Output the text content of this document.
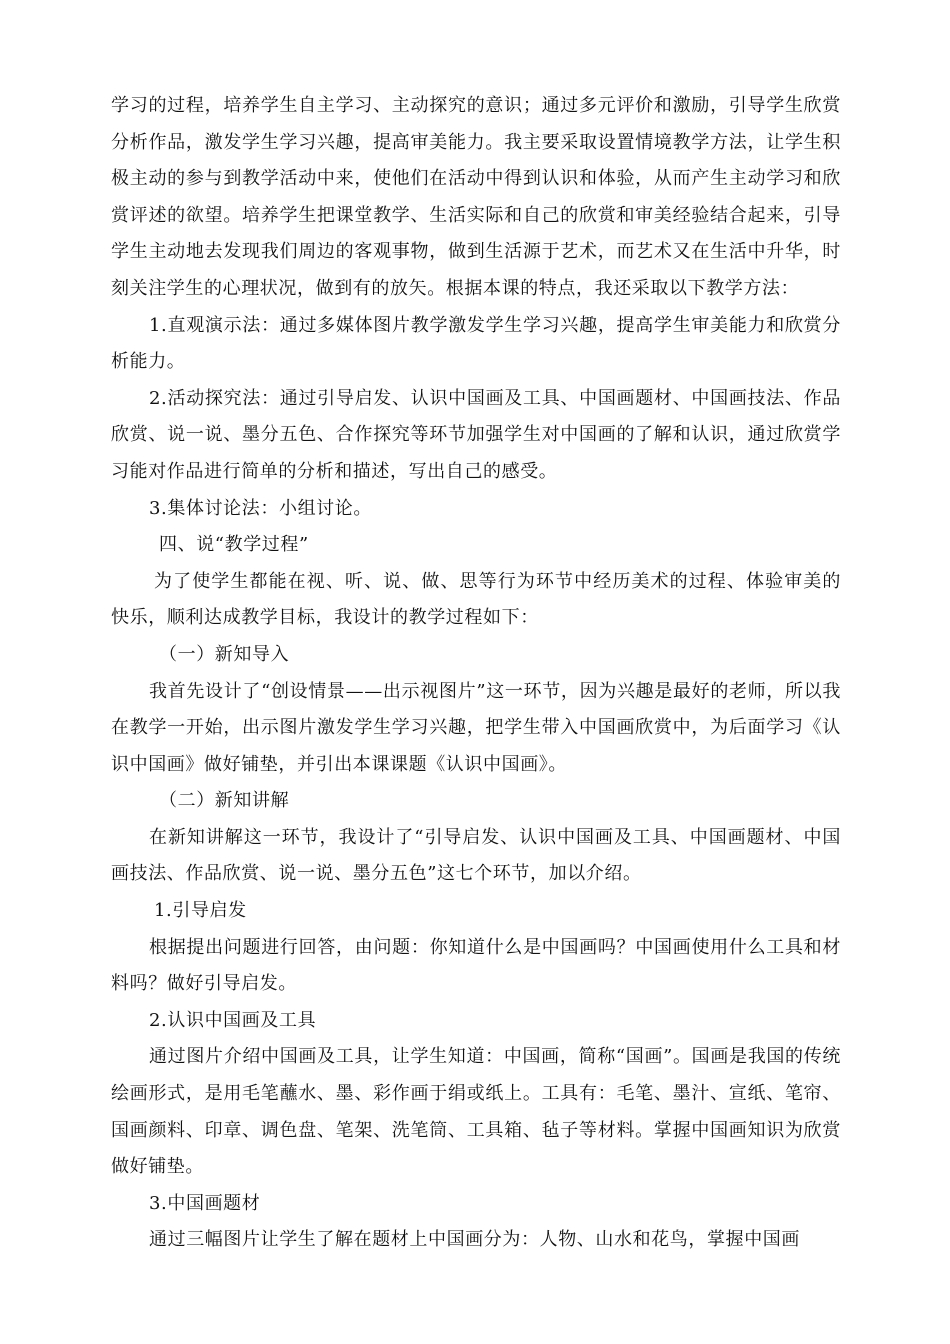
学习的过程，培养学生自主学习、主动探究的意识；通过多元评价和激励，引导学生欣赏分析作品，激发学生学习兴趣，提高审美能力。我主要采取设置情境教学方法，让学生积极主动的参与到教学活动中来，使他们在活动中得到认识和体验，从而产生主动学习和欣赏评述的欲望。培养学生把课堂教学、生活实际和自己的欣赏和审美经验结合起来，引导学生主动地去发现我们周边的客观事物，做到生活源于艺术，而艺术又在生活中升华，时刻关注学生的心理状况，做到有的放矢。根据本课的特点，我还采取以下教学方法：

1.直观演示法：通过多媒体图片教学激发学生学习兴趣，提高学生审美能力和欣赏分析能力。

2.活动探究法：通过引导启发、认识中国画及工具、中国画题材、中国画技法、作品欣赏、说一说、墨分五色、合作探究等环节加强学生对中国画的了解和认识，通过欣赏学习能对作品进行简单的分析和描述，写出自己的感受。

3.集体讨论法：小组讨论。

四、说“教学过程”

为了使学生都能在视、听、说、做、思等行为环节中经历美术的过程、体验审美的快乐，顺利达成教学目标，我设计的教学过程如下：

（一）新知导入

我首先设计了“创设情景——出示视图片”这一环节，因为兴趣是最好的老师，所以我在教学一开始，出示图片激发学生学习兴趣，把学生带入中国画欣赏中，为后面学习《认识中国画》做好铺垫，并引出本课课题《认识中国画》。

（二）新知讲解

在新知讲解这一环节，我设计了“引导启发、认识中国画及工具、中国画题材、中国画技法、作品欣赏、说一说、墨分五色”这七个环节，加以介绍。

1.引导启发

根据提出问题进行回答，由问题：你知道什么是中国画吗？中国画使用什么工具和材料吗？做好引导启发。

2.认识中国画及工具

通过图片介绍中国画及工具，让学生知道：中国画，简称“国画”。国画是我国的传统绘画形式，是用毛笔蘸水、墨、彩作画于绢或纸上。工具有：毛笔、墨汁、宣纸、笔帘、国画颜料、印章、调色盘、笔架、洗笔筒、工具箱、毡子等材料。掌握中国画知识为欣赏做好铺垫。

3.中国画题材

通过三幅图片让学生了解在题材上中国画分为：人物、山水和花鸟，掌握中国画
